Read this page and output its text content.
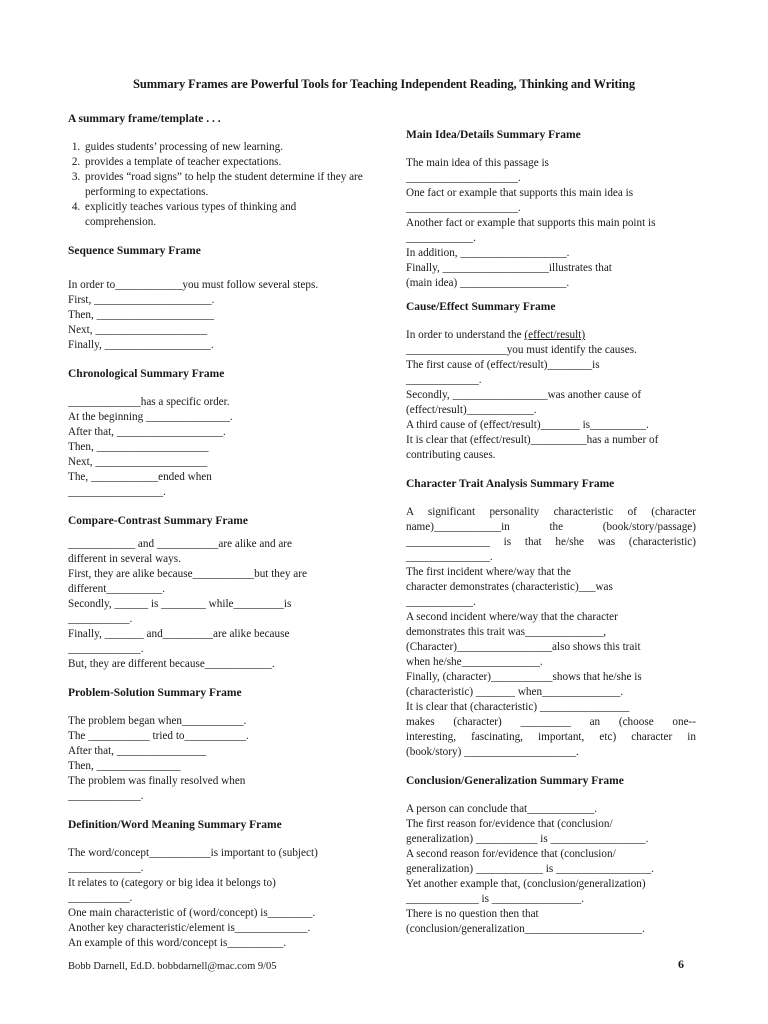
Summary Frames are Powerful Tools for Teaching Independent Reading, Thinking and Writing
A summary frame/template . . .
1. guides students’ processing of new learning.
2. provides a template of teacher expectations.
3. provides “road signs” to help the student determine if they are performing to expectations.
4. explicitly teaches various types of thinking and comprehension.
Sequence Summary Frame
In order to____________you must follow several steps.
First, _____________________.
Then, _____________________
Next, ____________________
Finally, ___________________.
Chronological Summary Frame
_____________has a specific order.
At the beginning _______________.
After that, ___________________.
Then, ____________________
Next, ____________________
The, ____________ended when
_________________.
Compare-Contrast Summary Frame
____________ and ___________are alike and are
different in several ways.
First, they are alike because___________but they are
different__________.
Secondly, ______ is ________ while_________is
___________.
Finally, _______ and_________are alike because
_____________.
But, they are different because____________.
Problem-Solution Summary Frame
The problem began when___________.
The ___________ tried to___________.
After that, ________________
Then, _______________
The problem was finally resolved when
_____________.
Definition/Word Meaning Summary Frame
The word/concept___________is important to (subject)
_____________.
It relates to (category or big idea it belongs to)
___________.
One main characteristic of (word/concept) is________.
Another key characteristic/element is_____________.
An example of this word/concept is__________.
Main Idea/Details Summary Frame
The main idea of this passage is
____________________.
One fact or example that supports this main idea is
____________________.
Another fact or example that supports this main point is
____________.
In addition, ___________________.
Finally, ___________________illustrates that
(main idea) ___________________.
Cause/Effect Summary Frame
In order to understand the (effect/result)
__________________you must identify the causes.
The first cause of (effect/result)________is
_____________.
Secondly, _________________was another cause of
(effect/result)____________.
A third cause of (effect/result)_______ is__________.
It is clear that (effect/result)__________has a number of
contributing causes.
Character Trait Analysis Summary Frame
A significant personality characteristic of (character
name)____________in the (book/story/passage)
_______________ is that he/she was (characteristic)
_______________.
The first incident where/way that the
character demonstrates (characteristic)___was
____________.
A second incident where/way that the character
demonstrates this trait was______________,
(Character)_________________also shows this trait
when he/she______________.
Finally, (character)___________shows that he/she is
(characteristic) _______ when______________.
It is clear that (characteristic) ________________
makes (character) _________ an (choose one--
interesting, fascinating, important, etc) character in
(book/story) ____________________.
Conclusion/Generalization Summary Frame
A person can conclude that____________.
The first reason for/evidence that (conclusion/
generalization) ___________ is _________________.
A second reason for/evidence that (conclusion/
generalization) ____________ is _________________.
Yet another example that, (conclusion/generalization)
_____________ is ________________.
There is no question then that
(conclusion/generalization_____________________.
Bobb Darnell, Ed.D. bobbdarnell@mac.com 9/05	6
